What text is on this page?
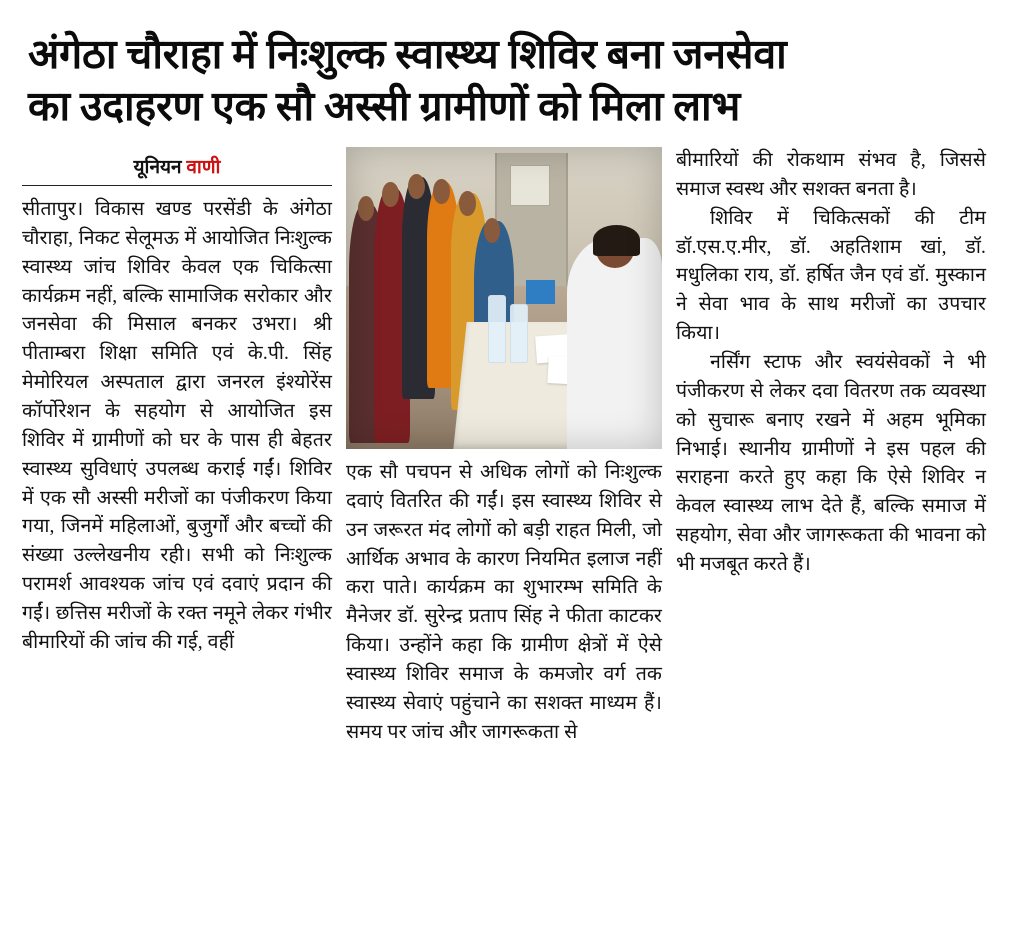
अंगेठा चौराहा में निःशुल्क स्वास्थ्य शिविर बना जनसेवा
का उदाहरण एक सौ अस्सी ग्रामीणों को मिला लाभ
यूनियन वाणी

सीतापुर। विकास खण्ड परसेंडी के अंगेठा चौराहा, निकट सेलूमऊ में आयोजित निःशुल्क स्वास्थ्य जांच शिविर केवल एक चिकित्सा कार्यक्रम नहीं, बल्कि सामाजिक सरोकार और जनसेवा की मिसाल बनकर उभरा। श्री पीताम्बरा शिक्षा समिति एवं के.पी. सिंह मेमोरियल अस्पताल द्वारा जनरल इंश्योरेंस कॉर्पोरेशन के सहयोग से आयोजित इस शिविर में ग्रामीणों को घर के पास ही बेहतर स्वास्थ्य सुविधाएं उपलब्ध कराई गईं। शिविर में एक सौ अस्सी मरीजों का पंजीकरण किया गया, जिनमें महिलाओं, बुजुर्गों और बच्चों की संख्या उल्लेखनीय रही। सभी को निःशुल्क परामर्श आवश्यक जांच एवं दवाएं प्रदान की गईं। छत्तिस मरीजों के रक्त नमूने लेकर गंभीर बीमारियों की जांच की गई, वहीं

एक सौ पचपन से अधिक लोगों को निःशुल्क दवाएं वितरित की गईं। इस स्वास्थ्य शिविर से उन जरूरत मंद लोगों को बड़ी राहत मिली, जो आर्थिक अभाव के कारण नियमित इलाज नहीं करा पाते। कार्यक्रम का शुभारम्भ समिति के मैनेजर डॉ. सुरेन्द्र प्रताप सिंह ने फीता काटकर किया। उन्होंने कहा कि ग्रामीण क्षेत्रों में ऐसे स्वास्थ्य शिविर समाज के कमजोर वर्ग तक स्वास्थ्य सेवाएं पहुंचाने का सशक्त माध्यम हैं। समय पर जांच और जागरूकता से

बीमारियों की रोकथाम संभव है, जिससे समाज स्वस्थ और सशक्त बनता है।

शिविर में चिकित्सकों की टीम डॉ.एस.ए.मीर, डॉ. अहतिशाम खां, डॉ. मधुलिका राय, डॉ. हर्षित जैन एवं डॉ. मुस्कान ने सेवा भाव के साथ मरीजों का उपचार किया।

नर्सिंग स्टाफ और स्वयंसेवकों ने भी पंजीकरण से लेकर दवा वितरण तक व्यवस्था को सुचारू बनाए रखने में अहम भूमिका निभाई। स्थानीय ग्रामीणों ने इस पहल की सराहना करते हुए कहा कि ऐसे शिविर न केवल स्वास्थ्य लाभ देते हैं, बल्कि समाज में सहयोग, सेवा और जागरूकता की भावना को भी मजबूत करते हैं।
